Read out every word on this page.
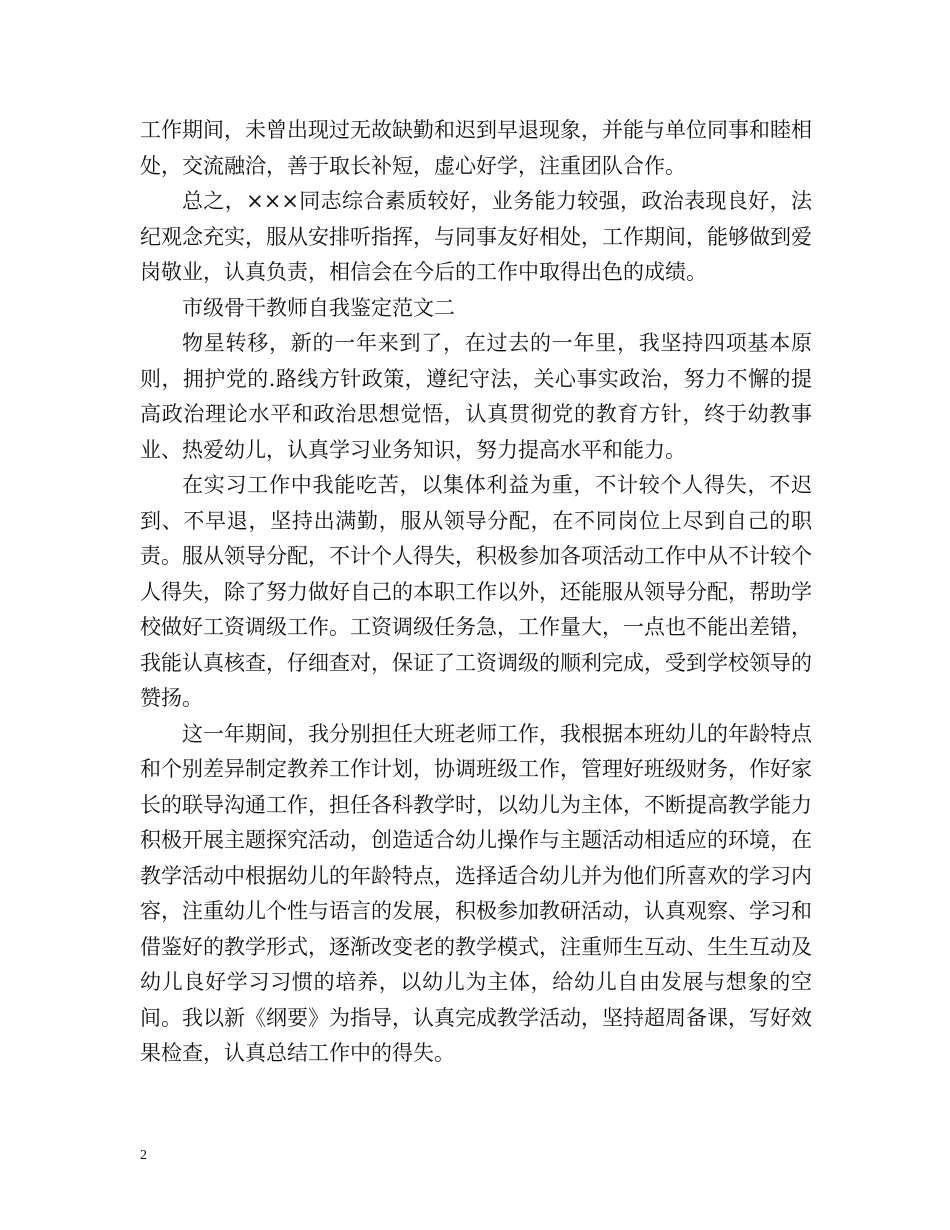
工作期间，未曾出现过无故缺勤和迟到早退现象，并能与单位同事和睦相处，交流融洽，善于取长补短，虚心好学，注重团队合作。

总之，×××同志综合素质较好，业务能力较强，政治表现良好，法纪观念充实，服从安排听指挥，与同事友好相处，工作期间，能够做到爱岗敬业，认真负责，相信会在今后的工作中取得出色的成绩。

市级骨干教师自我鉴定范文二

物星转移，新的一年来到了，在过去的一年里，我坚持四项基本原则，拥护党的.路线方针政策，遵纪守法，关心事实政治，努力不懈的提高政治理论水平和政治思想觉悟，认真贯彻党的教育方针，终于幼教事业、热爱幼儿，认真学习业务知识，努力提高水平和能力。

在实习工作中我能吃苦，以集体利益为重，不计较个人得失，不迟到、不早退，坚持出满勤，服从领导分配，在不同岗位上尽到自己的职责。服从领导分配，不计个人得失，积极参加各项活动工作中从不计较个人得失，除了努力做好自己的本职工作以外，还能服从领导分配，帮助学校做好工资调级工作。工资调级任务急，工作量大，一点也不能出差错，我能认真核查，仔细查对，保证了工资调级的顺利完成，受到学校领导的赞扬。

这一年期间，我分别担任大班老师工作，我根据本班幼儿的年龄特点和个别差异制定教养工作计划，协调班级工作，管理好班级财务，作好家长的联导沟通工作，担任各科教学时，以幼儿为主体，不断提高教学能力积极开展主题探究活动，创造适合幼儿操作与主题活动相适应的环境，在教学活动中根据幼儿的年龄特点，选择适合幼儿并为他们所喜欢的学习内容，注重幼儿个性与语言的发展，积极参加教研活动，认真观察、学习和借鉴好的教学形式，逐渐改变老的教学模式，注重师生互动、生生互动及幼儿良好学习习惯的培养，以幼儿为主体，给幼儿自由发展与想象的空间。我以新《纲要》为指导，认真完成教学活动，坚持超周备课，写好效果检查，认真总结工作中的得失。

2
